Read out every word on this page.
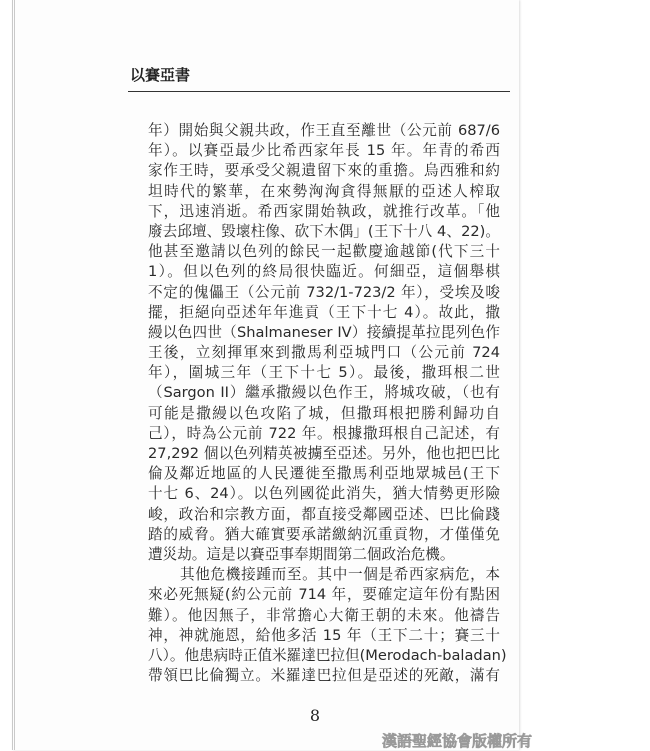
以賽亞書
年）開始與父親共政，作王直至離世（公元前 687/6
年）。以賽亞最少比希西家年長 15 年。年青的希西
家作王時，要承受父親遺留下來的重擔。烏西雅和約
坦時代的繁華，在來勢洶洶貪得無厭的亞述人榨取
下，迅速消逝。希西家開始執政，就推行改革。「他
廢去邱壇、毀壞柱像、砍下木偶」(王下十八 4、22)。
他甚至邀請以色列的餘民一起歡慶逾越節(代下三十
1）。但以色列的終局很快臨近。何細亞，這個舉棋
不定的傀儡王（公元前 732/1-723/2 年），受埃及唆
擺，拒絕向亞述年年進貢（王下十七 4）。故此，撒
縵以色四世（Shalmaneser IV）接續提革拉毘列色作
王後，立刻揮軍來到撒馬利亞城門口（公元前 724
年），圍城三年（王下十七 5）。最後，撒珥根二世
（Sargon II）繼承撒縵以色作王，將城攻破，（也有
可能是撒縵以色攻陷了城，但撒珥根把勝利歸功自
己），時為公元前 722 年。根據撒珥根自己記述，有
27,292 個以色列精英被擄至亞述。另外，他也把巴比
倫及鄰近地區的人民遷徙至撒馬利亞地眾城邑(王下
十七 6、24）。以色列國從此消失，猶大情勢更形險
峻，政治和宗教方面，都直接受鄰國亞述、巴比倫踐
踏的威脅。猶大確實要承諾繳納沉重貢物，才僅僅免
遭災劫。這是以賽亞事奉期間第二個政治危機。
其他危機接踵而至。其中一個是希西家病危，本
來必死無疑(約公元前 714 年，要確定這年份有點困
難）。他因無子，非常擔心大衛王朝的未來。他禱告
神，神就施恩，給他多活 15 年（王下二十；賽三十
八）。他患病時正值米羅達巴拉但(Merodach-baladan)
帶領巴比倫獨立。米羅達巴拉但是亞述的死敵，滿有
8
漢語聖經協會版權所有
